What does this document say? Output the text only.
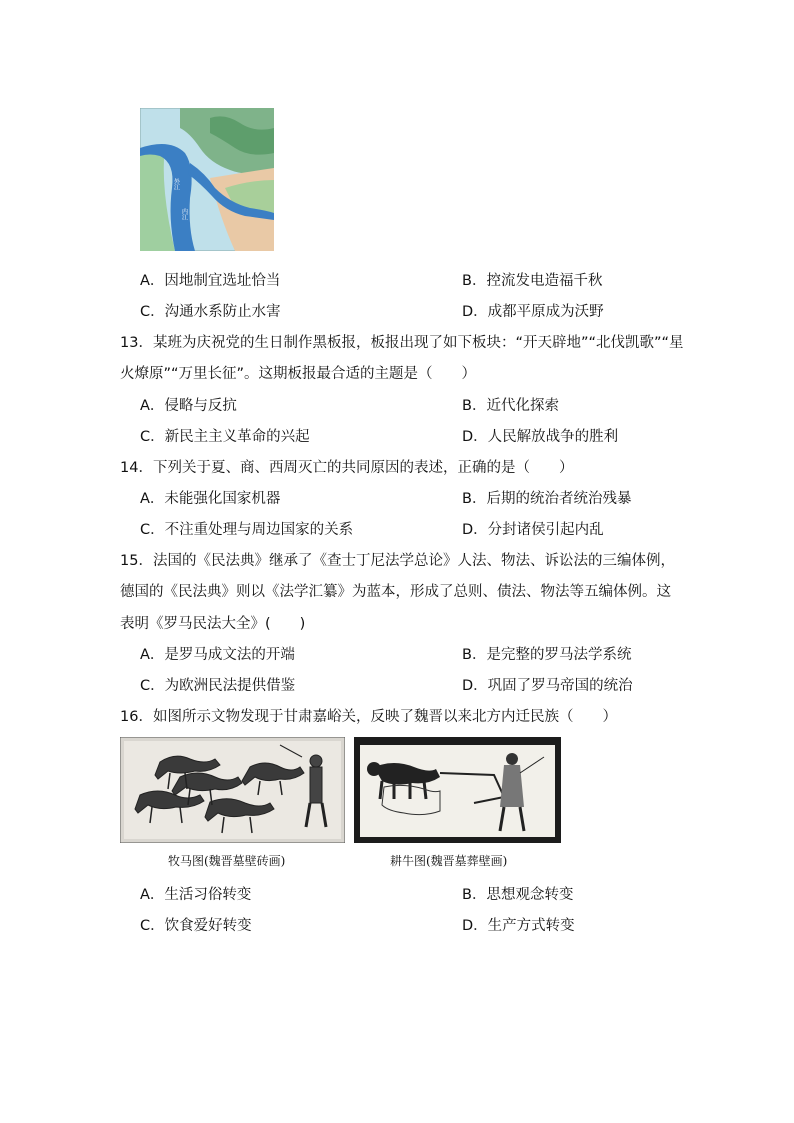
外江
内江
A．因地制宜选址恰当	B．控流发电造福千秋
C．沟通水系防止水害	D．成都平原成为沃野
13．某班为庆祝党的生日制作黑板报，板报出现了如下板块：“开天辟地”“北伐凯歌”“星
火燎原”“万里长征”。这期板报最合适的主题是（　　）
A．侵略与反抗	B．近代化探索
C．新民主主义革命的兴起	D．人民解放战争的胜利
14．下列关于夏、商、西周灭亡的共同原因的表述，正确的是（　　）
A．未能强化国家机器	B．后期的统治者统治残暴
C．不注重处理与周边国家的关系	D．分封诸侯引起内乱
15．法国的《民法典》继承了《查士丁尼法学总论》人法、物法、诉讼法的三编体例，
德国的《民法典》则以《法学汇纂》为蓝本，形成了总则、债法、物法等五编体例。这
表明《罗马民法大全》(　　)
A．是罗马成文法的开端	B．是完整的罗马法学系统
C．为欧洲民法提供借鉴	D．巩固了罗马帝国的统治
16．如图所示文物发现于甘肃嘉峪关，反映了魏晋以来北方内迁民族（　　）
牧马图(魏晋墓壁砖画)	耕牛图(魏晋墓葬壁画)
A．生活习俗转变	B．思想观念转变
C．饮食爱好转变	D．生产方式转变
